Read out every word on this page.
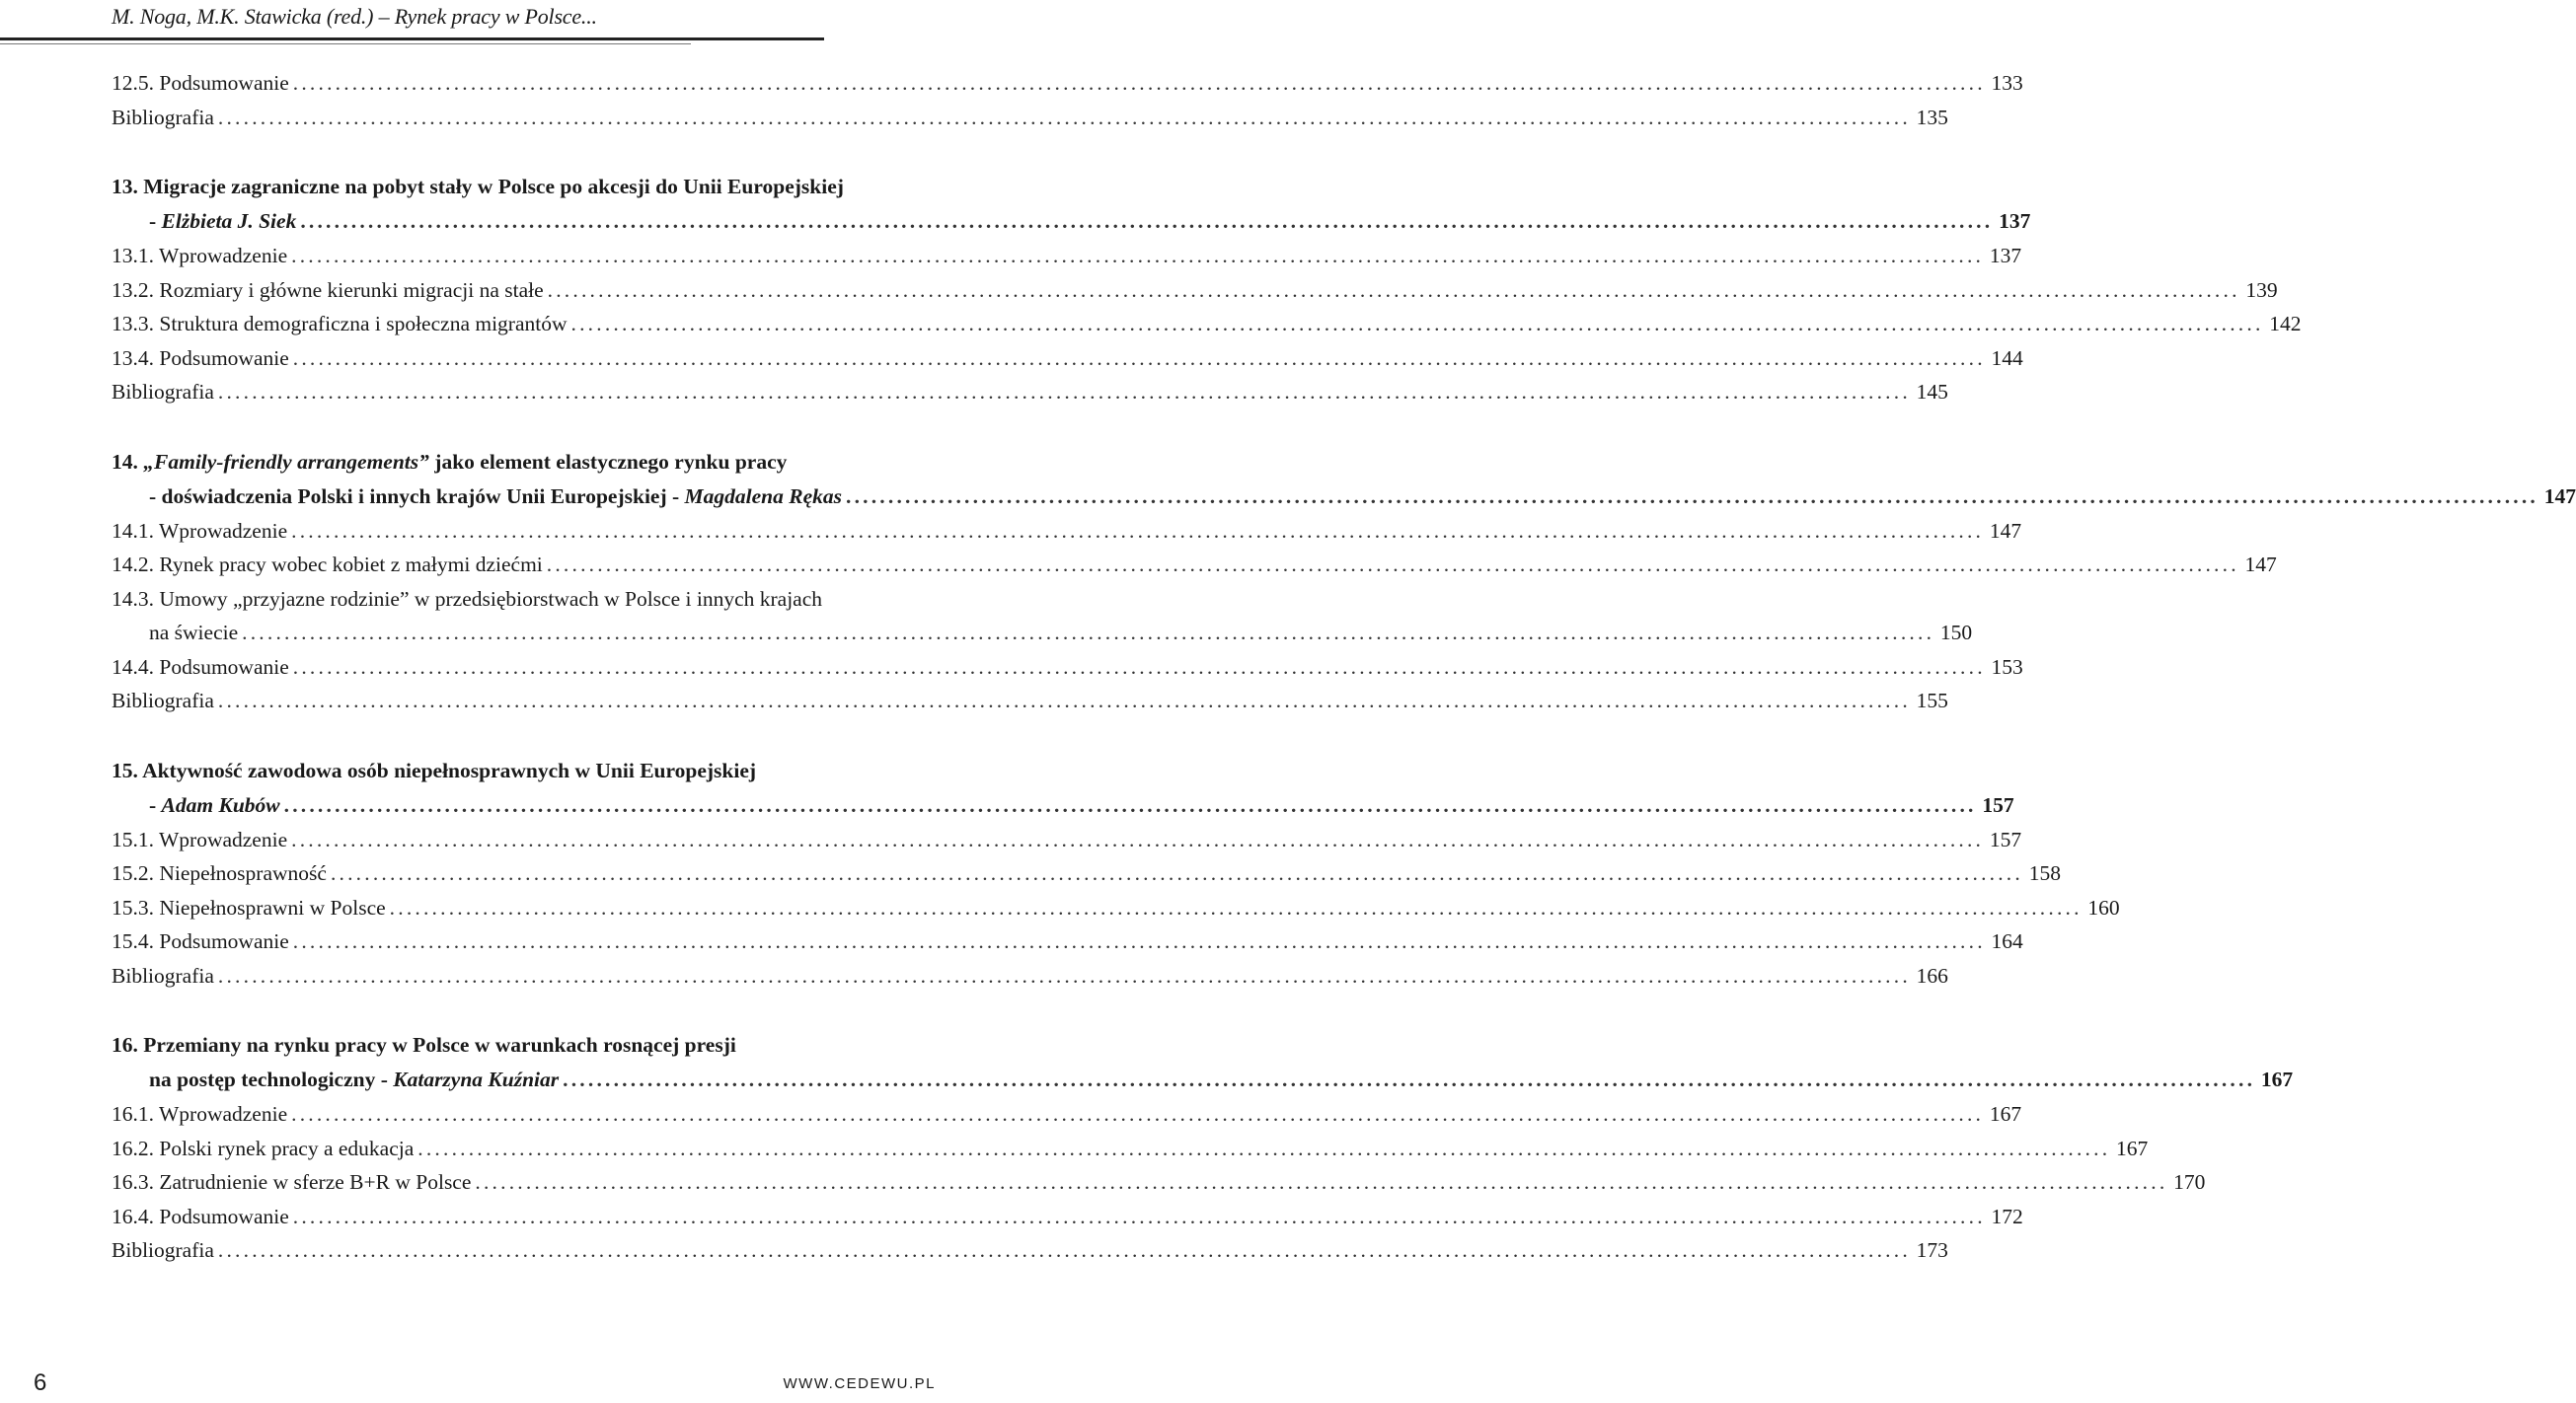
M. Noga, M.K. Stawicka (red.) – Rynek pracy w Polsce...
12.5. Podsumowanie ........................................................................................................................................................................................................ 133
Bibliografia ........................................................................................................................................................................................................ 135
13. Migracje zagraniczne na pobyt stały w Polsce po akcesji do Unii Europejskiej
- Elżbieta J. Siek ........................................................................................................................................................................................................ 137
13.1. Wprowadzenie ........................................................................................................................................................................................................ 137
13.2. Rozmiary i główne kierunki migracji na stałe ........................................................................................................................................................................................................ 139
13.3. Struktura demograficzna i społeczna migrantów ........................................................................................................................................................................................................ 142
13.4. Podsumowanie ........................................................................................................................................................................................................ 144
Bibliografia ........................................................................................................................................................................................................ 145
14. „Family-friendly arrangements” jako element elastycznego rynku pracy
- doświadczenia Polski i innych krajów Unii Europejskiej - Magdalena Rękas ........................................................................................................................................................................................................ 147
14.1. Wprowadzenie ........................................................................................................................................................................................................ 147
14.2. Rynek pracy wobec kobiet z małymi dziećmi ........................................................................................................................................................................................................ 147
14.3. Umowy „przyjazne rodzinie” w przedsiębiorstwach w Polsce i innych krajach
na świecie ........................................................................................................................................................................................................ 150
14.4. Podsumowanie ........................................................................................................................................................................................................ 153
Bibliografia ........................................................................................................................................................................................................ 155
15. Aktywność zawodowa osób niepełnosprawnych w Unii Europejskiej
- Adam Kubów ........................................................................................................................................................................................................ 157
15.1. Wprowadzenie ........................................................................................................................................................................................................ 157
15.2. Niepełnosprawność ........................................................................................................................................................................................................ 158
15.3. Niepełnosprawni w Polsce ........................................................................................................................................................................................................ 160
15.4. Podsumowanie ........................................................................................................................................................................................................ 164
Bibliografia ........................................................................................................................................................................................................ 166
16. Przemiany na rynku pracy w Polsce w warunkach rosnącej presji
na postęp technologiczny - Katarzyna Kuźniar ........................................................................................................................................................................................................ 167
16.1. Wprowadzenie ........................................................................................................................................................................................................ 167
16.2. Polski rynek pracy a edukacja ........................................................................................................................................................................................................ 167
16.3. Zatrudnienie w sferze B+R w Polsce ........................................................................................................................................................................................................ 170
16.4. Podsumowanie ........................................................................................................................................................................................................ 172
Bibliografia ........................................................................................................................................................................................................ 173
6	WWW.CEDEWU.PL
